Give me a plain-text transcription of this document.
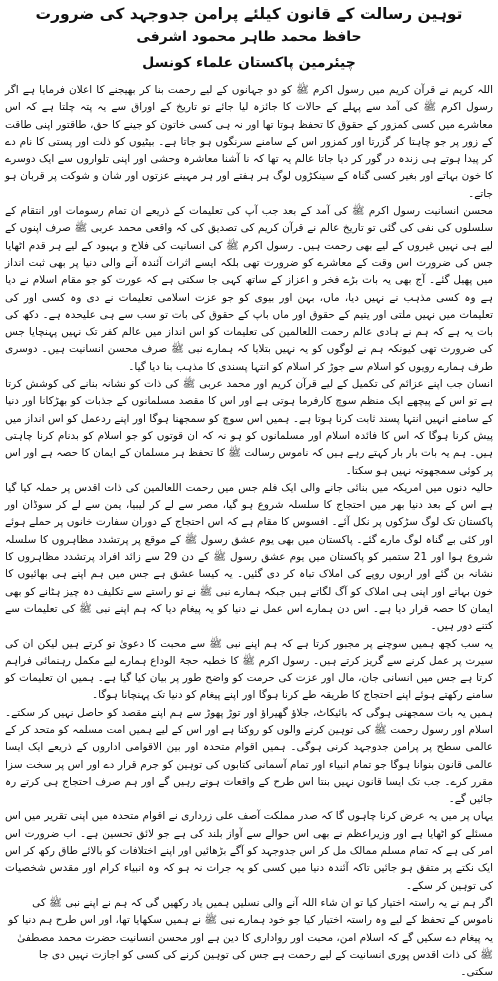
توہین رسالت کے قانون کیلئے پرامن جدوجہد کی ضرورت
حافظ محمد طاہر محمود اشرفی
چیئرمین پاکستان علماء کونسل

اللہ کریم نے قرآن کریم میں رسول اکرم ﷺ کو دو جہانوں کے لیے رحمت بنا کر بھیجنے کا اعلان فرمایا ہے اگر رسول اکرم ﷺ کی آمد سے پہلے کے حالات کا جائزہ لیا جائے تو تاریخ کے اوراق سے یہ پتہ چلتا ہے کہ اس معاشرے میں کسی کمزور کے حقوق کا تحفظ ہوتا تھا اور نہ ہی کسی خاتون کو جینے کا حق، طاقتور اپنی طاقت کے زور پر جو چاہتا کر گزرتا اور کمزور اس کے سامنے سرنگوں ہو جاتا ہے۔ بیٹیوں کو ذلت اور پستی کا نام دے کر پیدا ہوتے ہی زندہ در گور کر دیا جاتا عالم یہ تھا کہ نا آشنا معاشرہ وحشی اور اپنی تلواروں سے ایک دوسرے کا خون بہاتے اور بغیر کسی گناہ کے سینکڑوں لوگ ہر ہفتے اور ہر مہینے عزتوں اور شان و شوکت پر قربان ہو جاتے۔

محسن انسانیت رسول اکرم ﷺ کی آمد کے بعد جب آپ کی تعلیمات کے ذریعے ان تمام رسومات اور انتقام کے سلسلوں کی نفی کی گئی تو تاریخ عالم نے قرآن کریم کی تصدیق کی کہ واقعی محمد عربی ﷺ صرف اپنوں کے لیے ہی نہیں غیروں کے لیے بھی رحمت ہیں۔ رسول اکرم ﷺ کی انسانیت کی فلاح و بہبود کے لیے ہر قدم اٹھایا جس کی ضرورت اس وقت کے معاشرے کو ضرورت تھی بلکہ ایسے اثرات آئندہ آنے والی دنیا پر بھی ثبت انداز میں پھیل گئے۔ آج بھی یہ بات بڑے فخر و اعزاز کے ساتھ کہی جا سکتی ہے کہ عورت کو جو مقام اسلام نے دیا ہے وہ کسی مذہب نے نہیں دیا، ماں، بہن اور بیوی کو جو عزت اسلامی تعلیمات نے دی وہ کسی اور کی تعلیمات میں نہیں ملتی اور یتیم کے حقوق اور ماں باپ کے حقوق کی بات تو سب سے ہی علیحدہ ہے۔ دکھ کی بات یہ ہے کہ ہم نے ہادی عالم رحمت اللعالمین کی تعلیمات کو اس انداز میں عالم کفر تک نہیں پہنچایا جس کی ضرورت تھی کیونکہ ہم نے لوگوں کو یہ نہیں بتلایا کہ ہمارے نبی ﷺ صرف محسن انسانیت ہیں۔ دوسری طرف ہمارے رویوں کو اسلام سے جوڑ کر اسلام کو انتہا پسندی کا مذہب بنا دیا گیا۔

انسان جب اپنے عزائم کی تکمیل کے لیے قرآن کریم اور محمد عربی ﷺ کی ذات کو نشانہ بنانے کی کوشش کرتا ہے تو اس کے پیچھے ایک منظم سوچ کارفرما ہوتی ہے اور اس کا مقصد مسلمانوں کے جذبات کو بھڑکانا اور دنیا کے سامنے انہیں انتہا پسند ثابت کرنا ہوتا ہے۔ ہمیں اس سوچ کو سمجھنا ہوگا اور اپنے ردعمل کو اس انداز میں پیش کرنا ہوگا کہ اس کا فائدہ اسلام اور مسلمانوں کو ہو نہ کہ ان قوتوں کو جو اسلام کو بدنام کرنا چاہتی ہیں۔ ہم یہ بات بار بار کہتے رہے ہیں کہ ناموس رسالت ﷺ کا تحفظ ہر مسلمان کے ایمان کا حصہ ہے اور اس پر کوئی سمجھوتہ نہیں ہو سکتا۔

حالیہ دنوں میں امریکہ میں بنائی جانے والی ایک فلم جس میں رحمت اللعالمین کی ذات اقدس پر حملہ کیا گیا ہے اس کے بعد دنیا بھر میں احتجاج کا سلسلہ شروع ہو گیا، مصر سے لے کر لیبیا، یمن سے لے کر سوڈان اور پاکستان تک لوگ سڑکوں پر نکل آئے۔ افسوس کا مقام ہے کہ اس احتجاج کے دوران سفارت خانوں پر حملے ہوئے اور کئی بے گناہ لوگ مارے گئے۔ پاکستان میں بھی یوم عشق رسول ﷺ کے موقع پر پرتشدد مظاہروں کا سلسلہ شروع ہوا اور 21 ستمبر کو پاکستان میں یوم عشق رسول ﷺ کے دن 29 سے زائد افراد پرتشدد مظاہروں کا نشانہ بن گئے اور اربوں روپے کی املاک تباہ کر دی گئیں۔ یہ کیسا عشق ہے جس میں ہم اپنے ہی بھائیوں کا خون بہاتے اور اپنی ہی املاک کو آگ لگاتے ہیں جبکہ ہمارے نبی ﷺ نے تو راستے سے تکلیف دہ چیز ہٹانے کو بھی ایمان کا حصہ قرار دیا ہے۔ اس دن ہمارے اس عمل نے دنیا کو یہ پیغام دیا کہ ہم اپنے نبی ﷺ کی تعلیمات سے کتنے دور ہیں۔

یہ سب کچھ ہمیں سوچنے پر مجبور کرتا ہے کہ ہم اپنے نبی ﷺ سے محبت کا دعویٰ تو کرتے ہیں لیکن ان کی سیرت پر عمل کرنے سے گریز کرتے ہیں۔ رسول اکرم ﷺ کا خطبہ حجۃ الوداع ہمارے لیے مکمل رہنمائی فراہم کرتا ہے جس میں انسانی جان، مال اور عزت کی حرمت کو واضح طور پر بیان کیا گیا ہے۔ ہمیں ان تعلیمات کو سامنے رکھتے ہوئے اپنے احتجاج کا طریقہ طے کرنا ہوگا اور اپنے پیغام کو دنیا تک پہنچانا ہوگا۔

ہمیں یہ بات سمجھنی ہوگی کہ بائیکاٹ، جلاؤ گھیراؤ اور توڑ پھوڑ سے ہم اپنے مقصد کو حاصل نہیں کر سکتے۔ اسلام اور رسول رحمت ﷺ کی توہین کرنے والوں کو روکنا ہے اور اس کے لیے ہمیں امت مسلمہ کو متحد کر کے عالمی سطح پر پرامن جدوجہد کرنی ہوگی۔ ہمیں اقوام متحدہ اور بین الاقوامی اداروں کے ذریعے ایک ایسا عالمی قانون بنوانا ہوگا جو تمام انبیاء اور تمام آسمانی کتابوں کی توہین کو جرم قرار دے اور اس پر سخت سزا مقرر کرے۔ جب تک ایسا قانون نہیں بنتا اس طرح کے واقعات ہوتے رہیں گے اور ہم صرف احتجاج ہی کرتے رہ جائیں گے۔

یہاں پر میں یہ عرض کرنا چاہوں گا کہ صدر مملکت آصف علی زرداری نے اقوام متحدہ میں اپنی تقریر میں اس مسئلے کو اٹھایا ہے اور وزیراعظم نے بھی اس حوالے سے آواز بلند کی ہے جو لائق تحسین ہے۔ اب ضرورت اس امر کی ہے کہ تمام مسلم ممالک مل کر اس جدوجہد کو آگے بڑھائیں اور اپنے اختلافات کو بالائے طاق رکھ کر اس ایک نکتے پر متفق ہو جائیں تاکہ آئندہ دنیا میں کسی کو یہ جرات نہ ہو کہ وہ انبیاء کرام اور مقدس شخصیات کی توہین کر سکے۔

اگر ہم نے یہ راستہ اختیار کیا تو ان شاء اللہ آنے والی نسلیں ہمیں یاد رکھیں گی کہ ہم نے اپنے نبی ﷺ کی ناموس کے تحفظ کے لیے وہ راستہ اختیار کیا جو خود ہمارے نبی ﷺ نے ہمیں سکھایا تھا، اور اس طرح ہم دنیا کو یہ پیغام دے سکیں گے کہ اسلام امن، محبت اور رواداری کا دین ہے اور محسن انسانیت حضرت محمد مصطفیٰ ﷺ کی ذات اقدس پوری انسانیت کے لیے رحمت ہے جس کی توہین کرنے کی کسی کو اجازت نہیں دی جا سکتی۔
